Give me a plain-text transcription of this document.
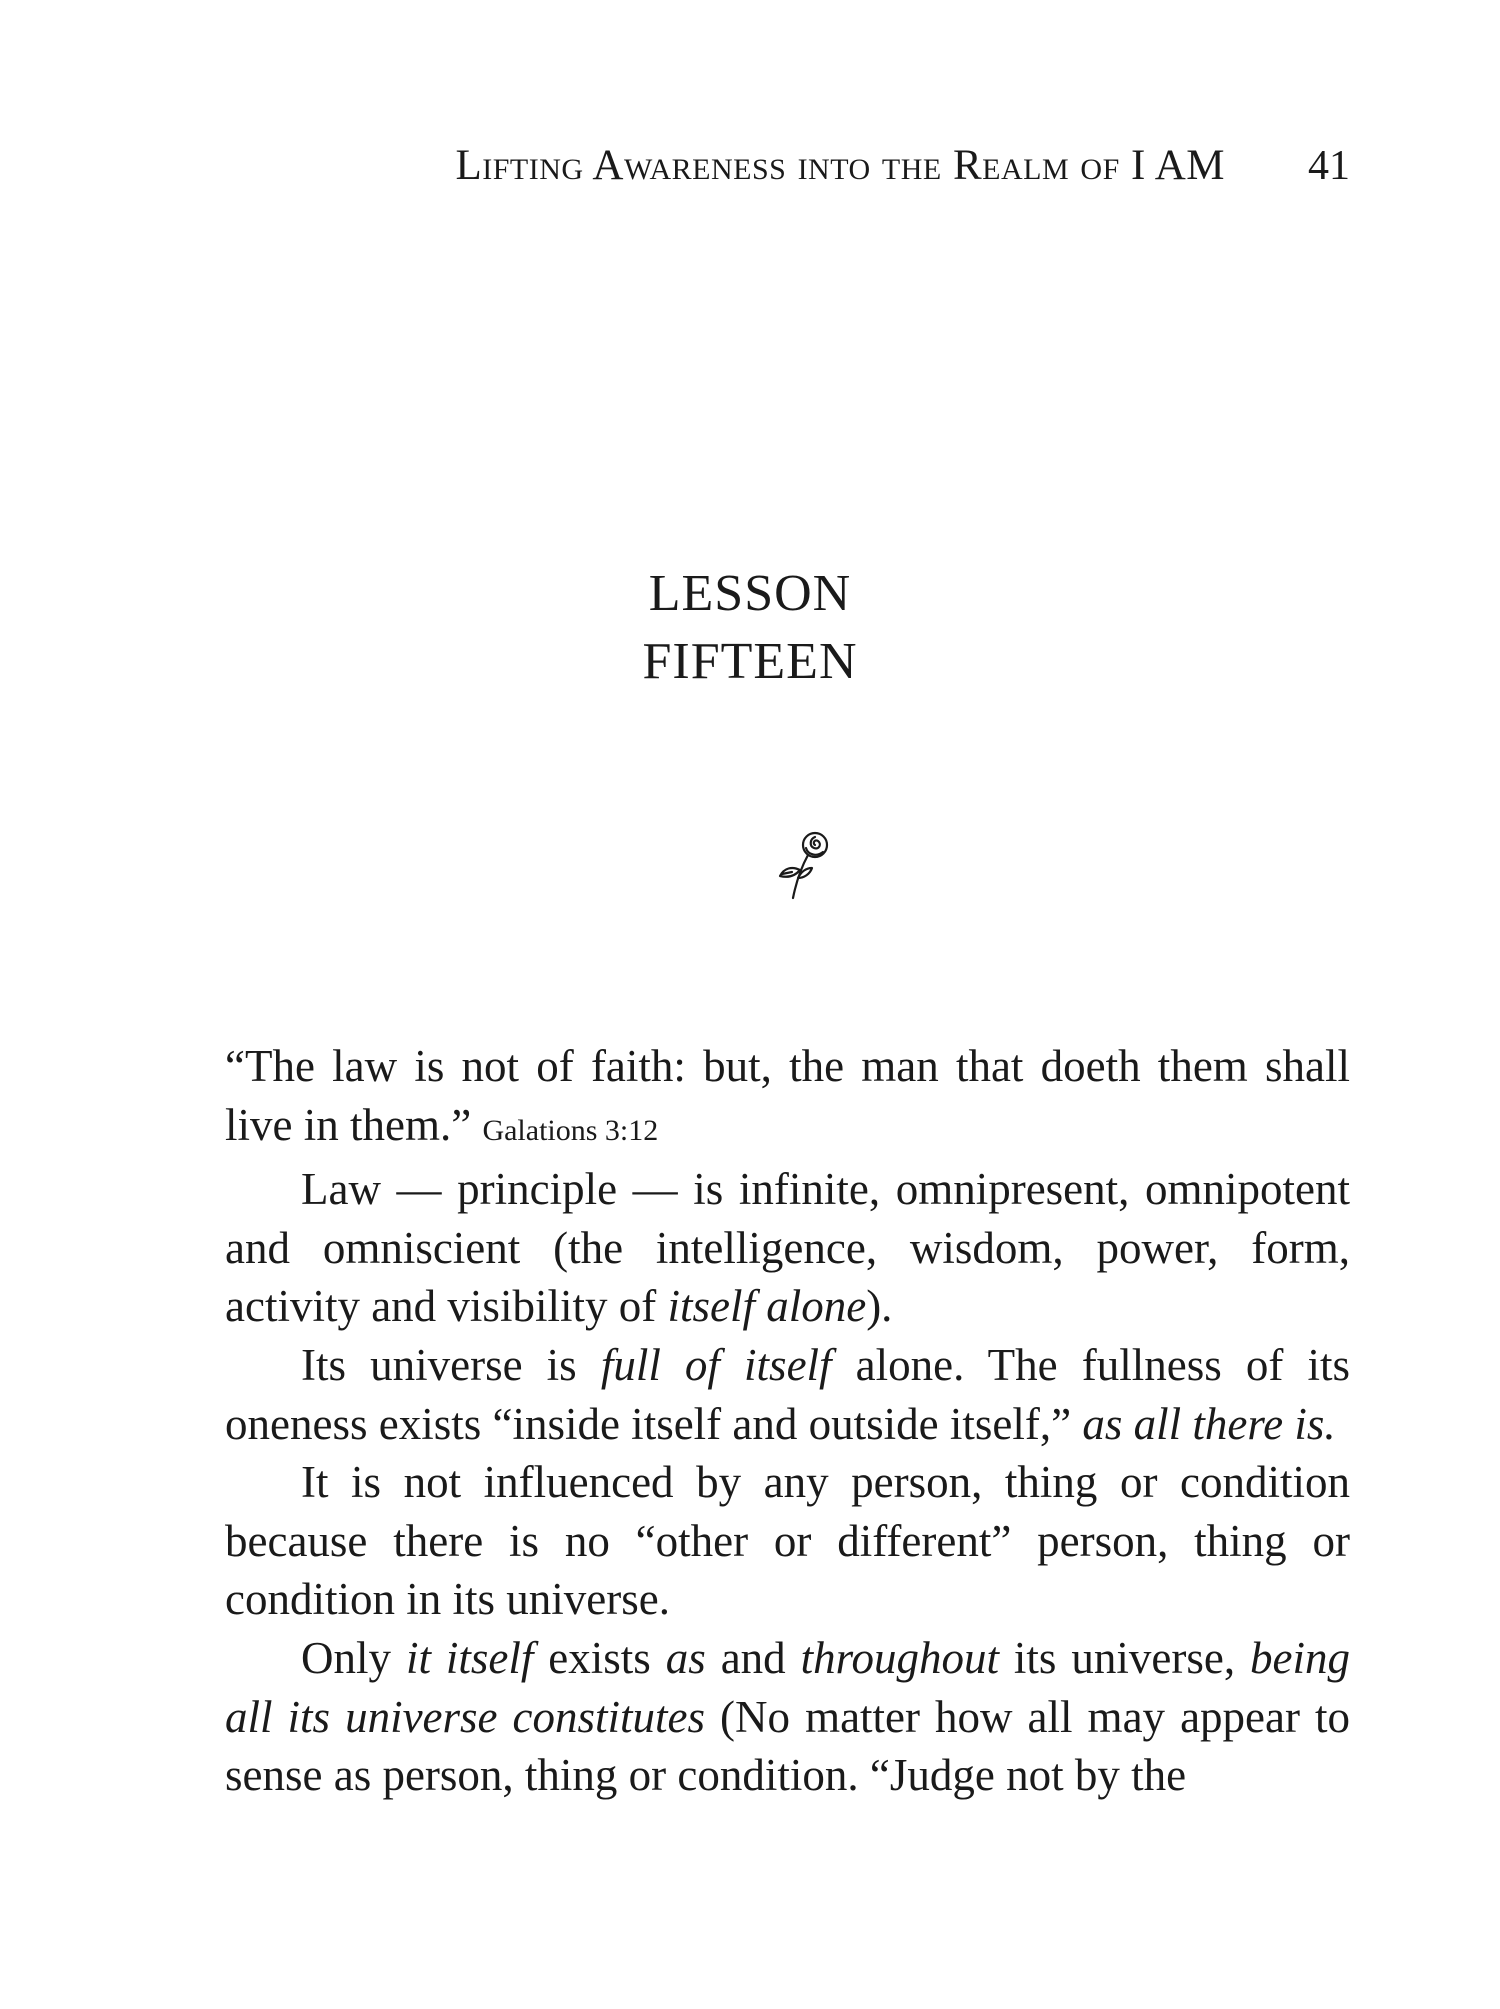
Lifting Awareness into the Realm of I AM 41
LESSON
FIFTEEN

“The law is not of faith: but, the man that doeth them shall live in them.” Galations 3:12

Law — principle — is infinite, omnipresent, omnipotent and omniscient (the intelligence, wisdom, power, form, activity and visibility of itself alone).

Its universe is full of itself alone. The fullness of its oneness exists “inside itself and outside itself,” as all there is.

It is not influenced by any person, thing or condition because there is no “other or different” person, thing or condition in its universe.

Only it itself exists as and throughout its universe, being all its universe constitutes (No matter how all may appear to sense as person, thing or condition. “Judge not by the
